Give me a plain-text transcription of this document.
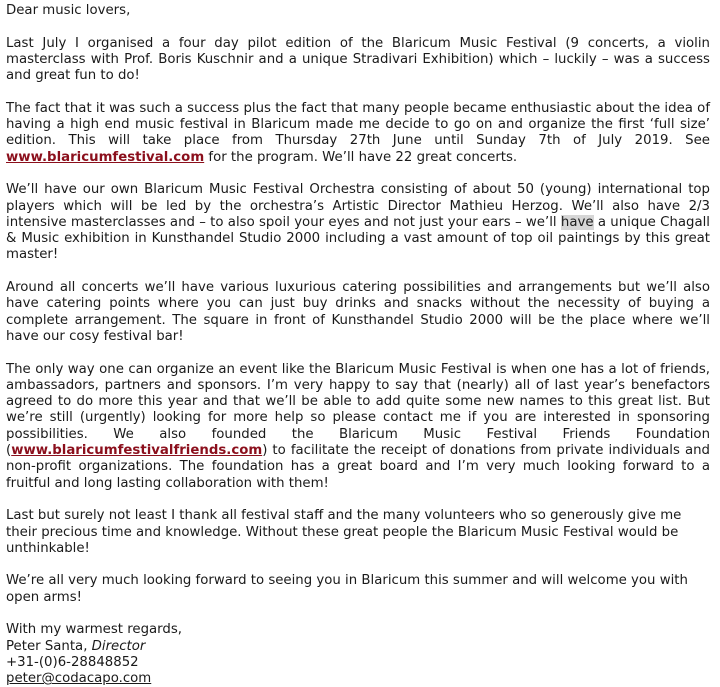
Dear music lovers,

Last July I organised a four day pilot edition of the Blaricum Music Festival (9 concerts, a violin masterclass with Prof. Boris Kuschnir and a unique Stradivari Exhibition) which – luckily – was a success and great fun to do!

The fact that it was such a success plus the fact that many people became enthusiastic about the idea of having a high end music festival in Blaricum made me decide to go on and organize the first ‘full size’ edition. This will take place from Thursday 27th June until Sunday 7th of July 2019. See www.blaricumfestival.com for the program. We’ll have 22 great concerts.

We’ll have our own Blaricum Music Festival Orchestra consisting of about 50 (young) international top players which will be led by the orchestra’s Artistic Director Mathieu Herzog. We’ll also have 2/3 intensive masterclasses and – to also spoil your eyes and not just your ears – we’ll have a unique Chagall & Music exhibition in Kunsthandel Studio 2000 including a vast amount of top oil paintings by this great master!

Around all concerts we’ll have various luxurious catering possibilities and arrangements but we’ll also have catering points where you can just buy drinks and snacks without the necessity of buying a complete arrangement. The square in front of Kunsthandel Studio 2000 will be the place where we’ll have our cosy festival bar!

The only way one can organize an event like the Blaricum Music Festival is when one has a lot of friends, ambassadors, partners and sponsors. I’m very happy to say that (nearly) all of last year’s benefactors agreed to do more this year and that we’ll be able to add quite some new names to this great list. But we’re still (urgently) looking for more help so please contact me if you are interested in sponsoring possibilities. We also founded the Blaricum Music Festival Friends Foundation (www.blaricumfestivalfriends.com) to facilitate the receipt of donations from private individuals and non-profit organizations. The foundation has a great board and I’m very much looking forward to a fruitful and long lasting collaboration with them!

Last but surely not least I thank all festival staff and the many volunteers who so generously give me their precious time and knowledge. Without these great people the Blaricum Music Festival would be unthinkable!

We’re all very much looking forward to seeing you in Blaricum this summer and will welcome you with open arms!

With my warmest regards,
Peter Santa, Director
+31-(0)6-28848852
peter@codacapo.com
